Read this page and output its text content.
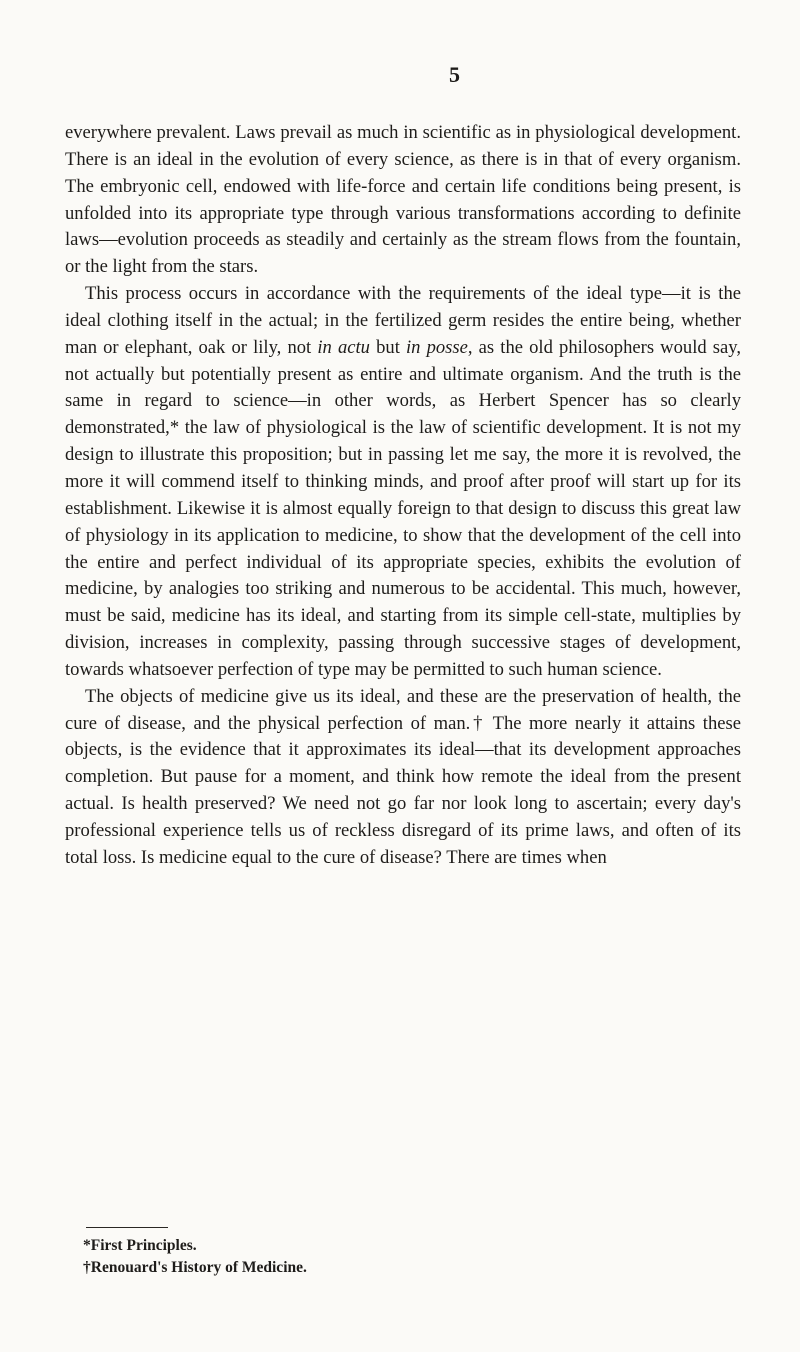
5

everywhere prevalent. Laws prevail as much in scientific as in physiological development. There is an ideal in the evolution of every science, as there is in that of every organism. The embryonic cell, endowed with life-force and certain life conditions being present, is unfolded into its appropriate type through various transformations according to definite laws—evolution proceeds as steadily and certainly as the stream flows from the fountain, or the light from the stars.

This process occurs in accordance with the requirements of the ideal type—it is the ideal clothing itself in the actual; in the fertilized germ resides the entire being, whether man or elephant, oak or lily, not in actu but in posse, as the old philosophers would say, not actually but potentially present as entire and ultimate organism. And the truth is the same in regard to science—in other words, as Herbert Spencer has so clearly demonstrated,* the law of physiological is the law of scientific development. It is not my design to illustrate this proposition; but in passing let me say, the more it is revolved, the more it will commend itself to thinking minds, and proof after proof will start up for its establishment. Likewise it is almost equally foreign to that design to discuss this great law of physiology in its application to medicine, to show that the development of the cell into the entire and perfect individual of its appropriate species, exhibits the evolution of medicine, by analogies too striking and numerous to be accidental. This much, however, must be said, medicine has its ideal, and starting from its simple cell-state, multiplies by division, increases in complexity, passing through successive stages of development, towards whatsoever perfection of type may be permitted to such human science.

The objects of medicine give us its ideal, and these are the preservation of health, the cure of disease, and the physical perfection of man.† The more nearly it attains these objects, is the evidence that it approximates its ideal—that its development approaches completion. But pause for a moment, and think how remote the ideal from the present actual. Is health preserved? We need not go far nor look long to ascertain; every day's professional experience tells us of reckless disregard of its prime laws, and often of its total loss. Is medicine equal to the cure of disease? There are times when

*First Principles.
†Renouard's History of Medicine.
